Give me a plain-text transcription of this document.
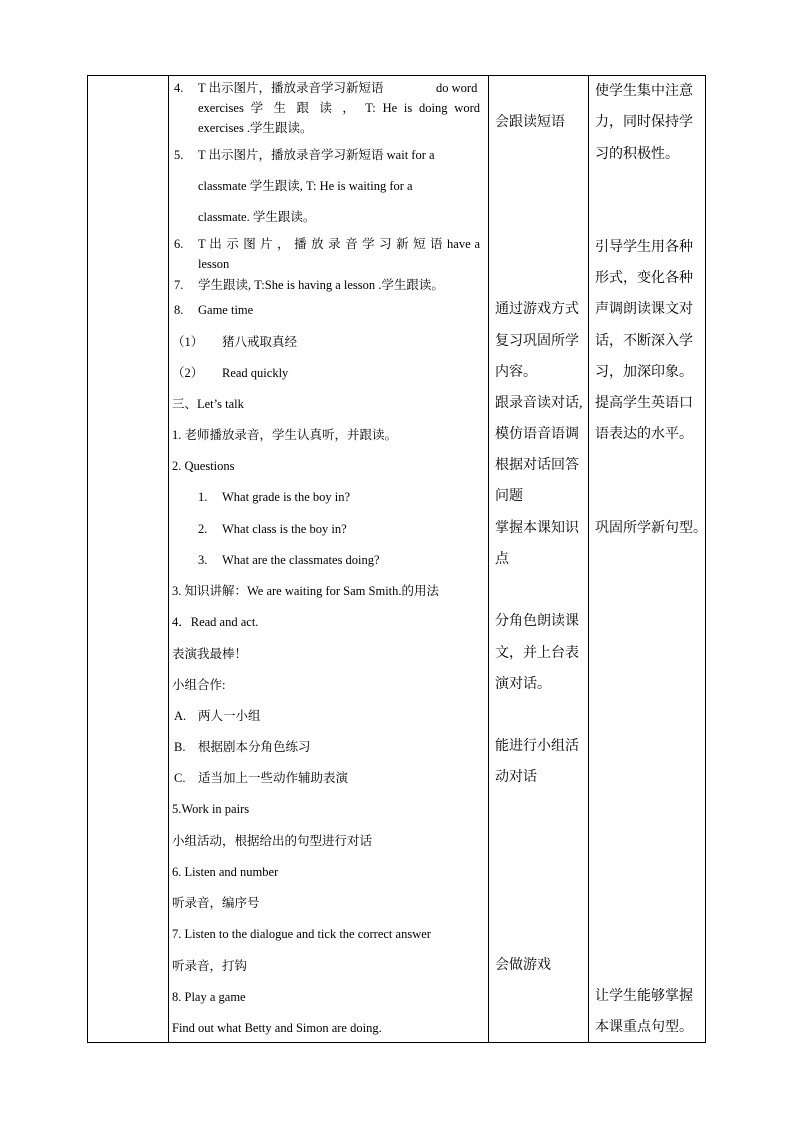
4. T 出示图片，播放录音学习新短语	do word
exercises 学 生 跟 读 ， T: He is doing word
exercises .学生跟读。
5. T 出示图片，播放录音学习新短语 wait for a
classmate 学生跟读, T: He is waiting for a
classmate. 学生跟读。
6. T 出 示 图 片 ， 播 放 录 音 学 习 新 短 语 have a
lesson
7. 学生跟读, T:She is having a lesson .学生跟读。
8. Game time
（1） 猪八戒取真经
（2） Read quickly
三、Let’s talk
1. 老师播放录音，学生认真听，并跟读。
2. Questions
1. What grade is the boy in?
2. What class is the boy in?
3. What are the classmates doing?
3. 知识讲解：We are waiting for Sam Smith.的用法
4．Read and act.
表演我最棒！
小组合作:
A. 两人一小组
B. 根据剧本分角色练习
C. 适当加上一些动作辅助表演
5.Work in pairs
小组活动，根据给出的句型进行对话
6. Listen and number
听录音，编序号
7. Listen to the dialogue and tick the correct answer
听录音，打钩
8. Play a game
Find out what Betty and Simon are doing.
会跟读短语
通过游戏方式
复习巩固所学
内容。
跟录音读对话,
模仿语音语调
根据对话回答
问题
掌握本课知识
点
分角色朗读课
文，并上台表
演对话。
能进行小组活
动对话
会做游戏
使学生集中注意
力，同时保持学
习的积极性。
引导学生用各种
形式，变化各种
声调朗读课文对
话，不断深入学
习，加深印象。
提高学生英语口
语表达的水平。
巩固所学新句型。
让学生能够掌握
本课重点句型。
